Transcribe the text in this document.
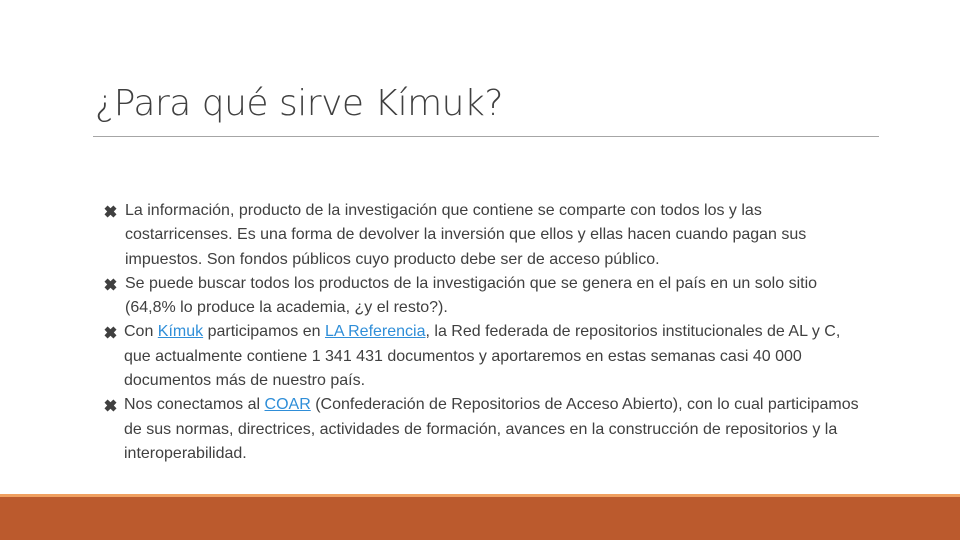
¿Para qué sirve Kímuk?

La información, producto de la investigación que contiene se comparte con todos los y las costarricenses. Es una forma de devolver la inversión que ellos y ellas hacen cuando pagan sus impuestos. Son fondos públicos cuyo producto debe ser de acceso público.

Se puede buscar todos los productos de la investigación que se genera en el país en un solo sitio (64,8% lo produce la academia, ¿y el resto?).

Con Kímuk participamos en LA Referencia, la Red federada de repositorios institucionales de AL y C, que actualmente contiene 1 341 431 documentos y aportaremos en estas semanas casi 40 000 documentos más de nuestro país.

Nos conectamos al COAR (Confederación de Repositorios de Acceso Abierto), con lo cual participamos de sus normas, directrices, actividades de formación, avances en la construcción de repositorios y la interoperabilidad.
